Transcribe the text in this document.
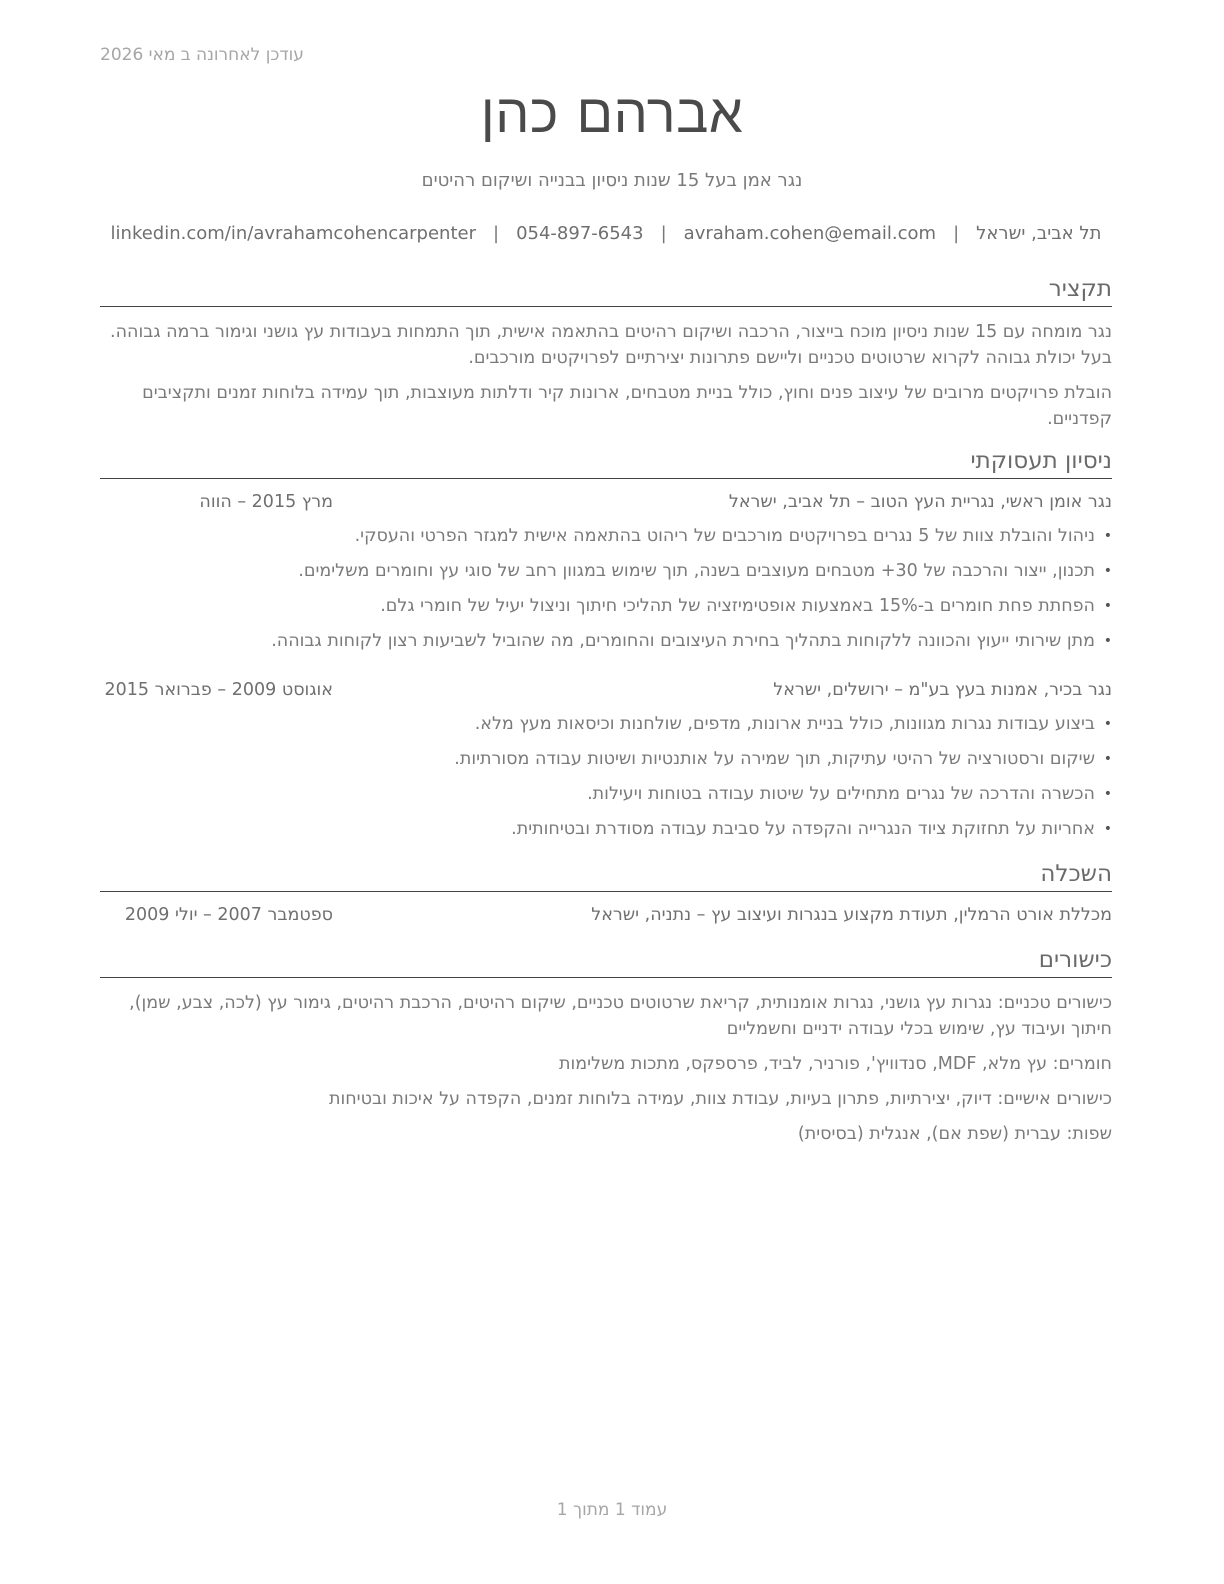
עודכן לאחרונה ב מאי 2026
אברהם כהן
נגר אמן בעל 15 שנות ניסיון בבנייה ושיקום רהיטים
תל אביב, ישראל
|
avraham.cohen@email.com
|
054-897-6543
|
linkedin.com/in/avrahamcohencarpenter
תקציר
נגר מומחה עם 15 שנות ניסיון מוכח בייצור, הרכבה ושיקום רהיטים בהתאמה אישית, תוך התמחות בעבודות עץ גושני וגימור ברמה גבוהה. בעל יכולת גבוהה לקרוא שרטוטים טכניים וליישם פתרונות יצירתיים לפרויקטים מורכבים.
הובלת פרויקטים מרובים של עיצוב פנים וחוץ, כולל בניית מטבחים, ארונות קיר ודלתות מעוצבות, תוך עמידה בלוחות זמנים ותקציבים קפדניים.
ניסיון תעסוקתי
נגר אומן ראשי, נגריית העץ הטוב – תל אביב, ישראל
מרץ 2015 – הווה
•
ניהול והובלת צוות של 5 נגרים בפרויקטים מורכבים של ריהוט בהתאמה אישית למגזר הפרטי והעסקי.
•
תכנון, ייצור והרכבה של 30+ מטבחים מעוצבים בשנה, תוך שימוש במגוון רחב של סוגי עץ וחומרים משלימים.
•
הפחתת פחת חומרים ב-15% באמצעות אופטימיזציה של תהליכי חיתוך וניצול יעיל של חומרי גלם.
•
מתן שירותי ייעוץ והכוונה ללקוחות בתהליך בחירת העיצובים והחומרים, מה שהוביל לשביעות רצון לקוחות גבוהה.
נגר בכיר, אמנות בעץ בע"מ – ירושלים, ישראל
אוגוסט 2009 – פברואר 2015
•
ביצוע עבודות נגרות מגוונות, כולל בניית ארונות, מדפים, שולחנות וכיסאות מעץ מלא.
•
שיקום ורסטורציה של רהיטי עתיקות, תוך שמירה על אותנטיות ושיטות עבודה מסורתיות.
•
הכשרה והדרכה של נגרים מתחילים על שיטות עבודה בטוחות ויעילות.
•
אחריות על תחזוקת ציוד הנגרייה והקפדה על סביבת עבודה מסודרת ובטיחותית.
השכלה
מכללת אורט הרמלין, תעודת מקצוע בנגרות ועיצוב עץ – נתניה, ישראל
ספטמבר 2007 – יולי 2009
כישורים
כישורים טכניים: נגרות עץ גושני, נגרות אומנותית, קריאת שרטוטים טכניים, שיקום רהיטים, הרכבת רהיטים, גימור עץ (לכה, צבע, שמן), חיתוך ועיבוד עץ, שימוש בכלי עבודה ידניים וחשמליים
חומרים: עץ מלא, MDF, סנדוויץ', פורניר, לביד, פרספקס, מתכות משלימות
כישורים אישיים: דיוק, יצירתיות, פתרון בעיות, עבודת צוות, עמידה בלוחות זמנים, הקפדה על איכות ובטיחות
שפות: עברית (שפת אם), אנגלית (בסיסית)
עמוד 1 מתוך 1
